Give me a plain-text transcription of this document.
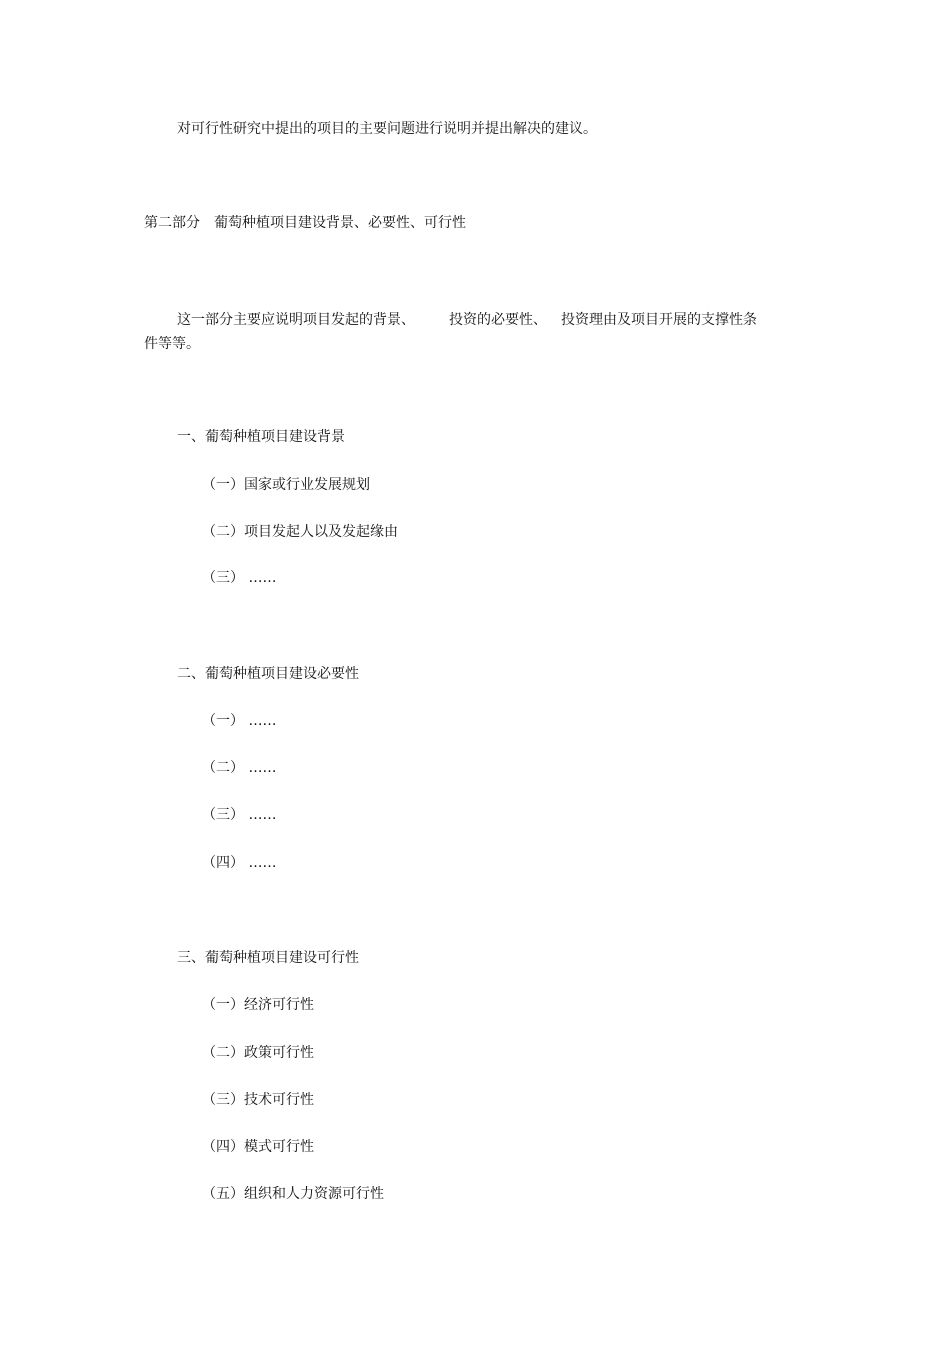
对可行性研究中提出的项目的主要问题进行说明并提出解决的建议。
第二部分 葡萄种植项目建设背景、必要性、可行性
这一部分主要应说明项目发起的背景、 投资的必要性、 投资理由及项目开展的支撑性条
件等等。
一、葡萄种植项目建设背景
（一）国家或行业发展规划
（二）项目发起人以及发起缘由
（三） ……
二、葡萄种植项目建设必要性
（一） ……
（二） ……
（三） ……
（四） ……
三、葡萄种植项目建设可行性
（一）经济可行性
（二）政策可行性
（三）技术可行性
（四）模式可行性
（五）组织和人力资源可行性
